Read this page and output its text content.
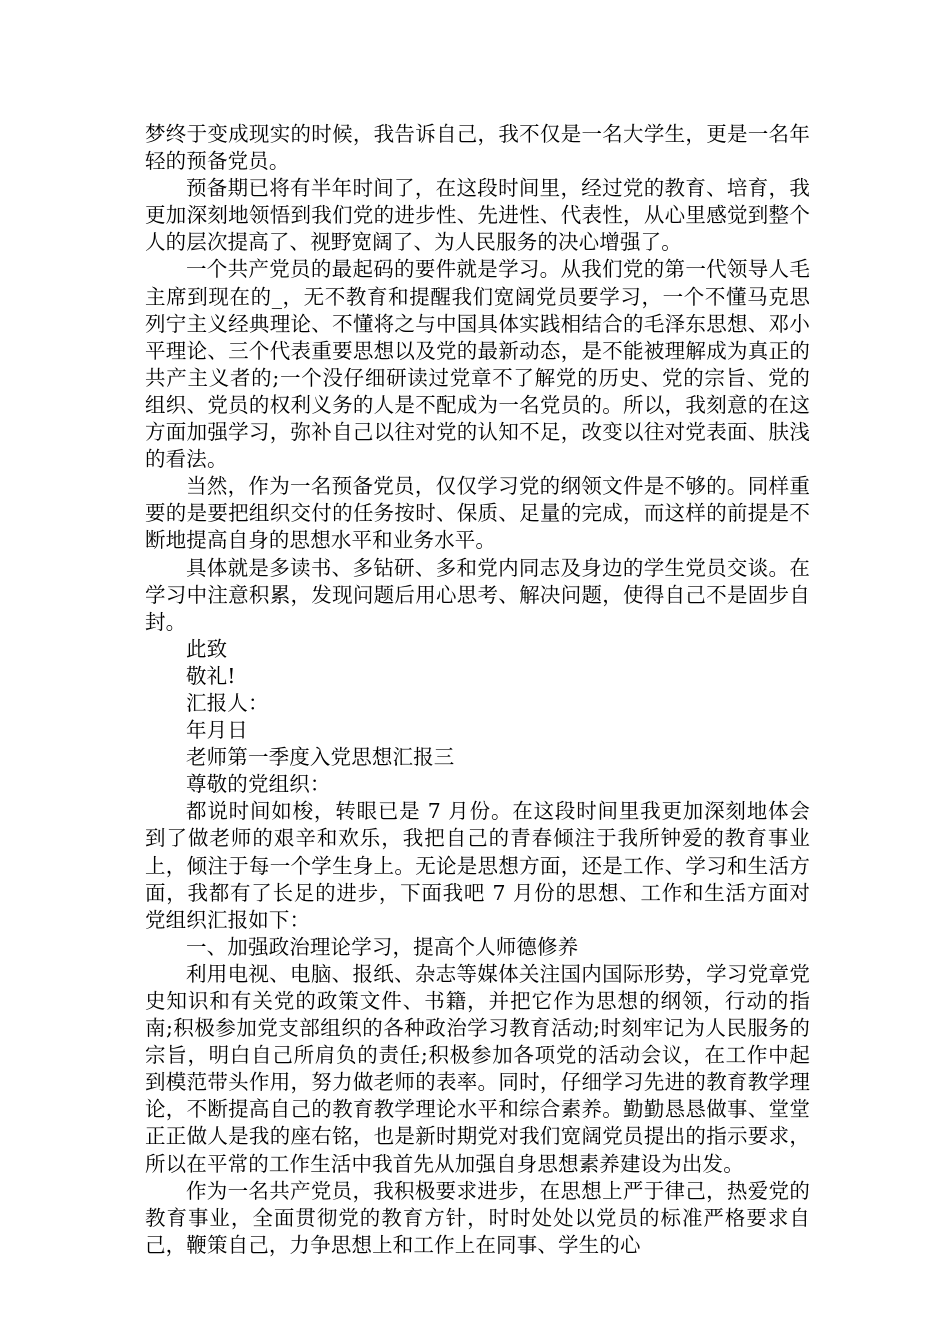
梦终于变成现实的时候，我告诉自己，我不仅是一名大学生，更是一名年轻的预备党员。

预备期已将有半年时间了，在这段时间里，经过党的教育、培育，我更加深刻地领悟到我们党的进步性、先进性、代表性，从心里感觉到整个人的层次提高了、视野宽阔了、为人民服务的决心增强了。

一个共产党员的最起码的要件就是学习。从我们党的第一代领导人毛主席到现在的_，无不教育和提醒我们宽阔党员要学习，一个不懂马克思列宁主义经典理论、不懂将之与中国具体实践相结合的毛泽东思想、邓小平理论、三个代表重要思想以及党的最新动态，是不能被理解成为真正的共产主义者的;一个没仔细研读过党章不了解党的历史、党的宗旨、党的组织、党员的权利义务的人是不配成为一名党员的。所以，我刻意的在这方面加强学习，弥补自己以往对党的认知不足，改变以往对党表面、肤浅的看法。

当然，作为一名预备党员，仅仅学习党的纲领文件是不够的。同样重要的是要把组织交付的任务按时、保质、足量的完成，而这样的前提是不断地提高自身的思想水平和业务水平。

具体就是多读书、多钻研、多和党内同志及身边的学生党员交谈。在学习中注意积累，发现问题后用心思考、解决问题，使得自己不是固步自封。

此致

敬礼!

汇报人：

年月日

老师第一季度入党思想汇报三

尊敬的党组织：

都说时间如梭，转眼已是 7 月份。在这段时间里我更加深刻地体会到了做老师的艰辛和欢乐，我把自己的青春倾注于我所钟爱的教育事业上，倾注于每一个学生身上。无论是思想方面，还是工作、学习和生活方面，我都有了长足的进步，下面我吧 7 月份的思想、工作和生活方面对党组织汇报如下：

一、加强政治理论学习，提高个人师德修养

利用电视、电脑、报纸、杂志等媒体关注国内国际形势，学习党章党史知识和有关党的政策文件、书籍，并把它作为思想的纲领，行动的指南;积极参加党支部组织的各种政治学习教育活动;时刻牢记为人民服务的宗旨，明白自己所肩负的责任;积极参加各项党的活动会议，在工作中起到模范带头作用，努力做老师的表率。同时，仔细学习先进的教育教学理论，不断提高自己的教育教学理论水平和综合素养。勤勤恳恳做事、堂堂正正做人是我的座右铭，也是新时期党对我们宽阔党员提出的指示要求，所以在平常的工作生活中我首先从加强自身思想素养建设为出发。

作为一名共产党员，我积极要求进步，在思想上严于律己，热爱党的教育事业，全面贯彻党的教育方针，时时处处以党员的标准严格要求自己，鞭策自己，力争思想上和工作上在同事、学生的心
